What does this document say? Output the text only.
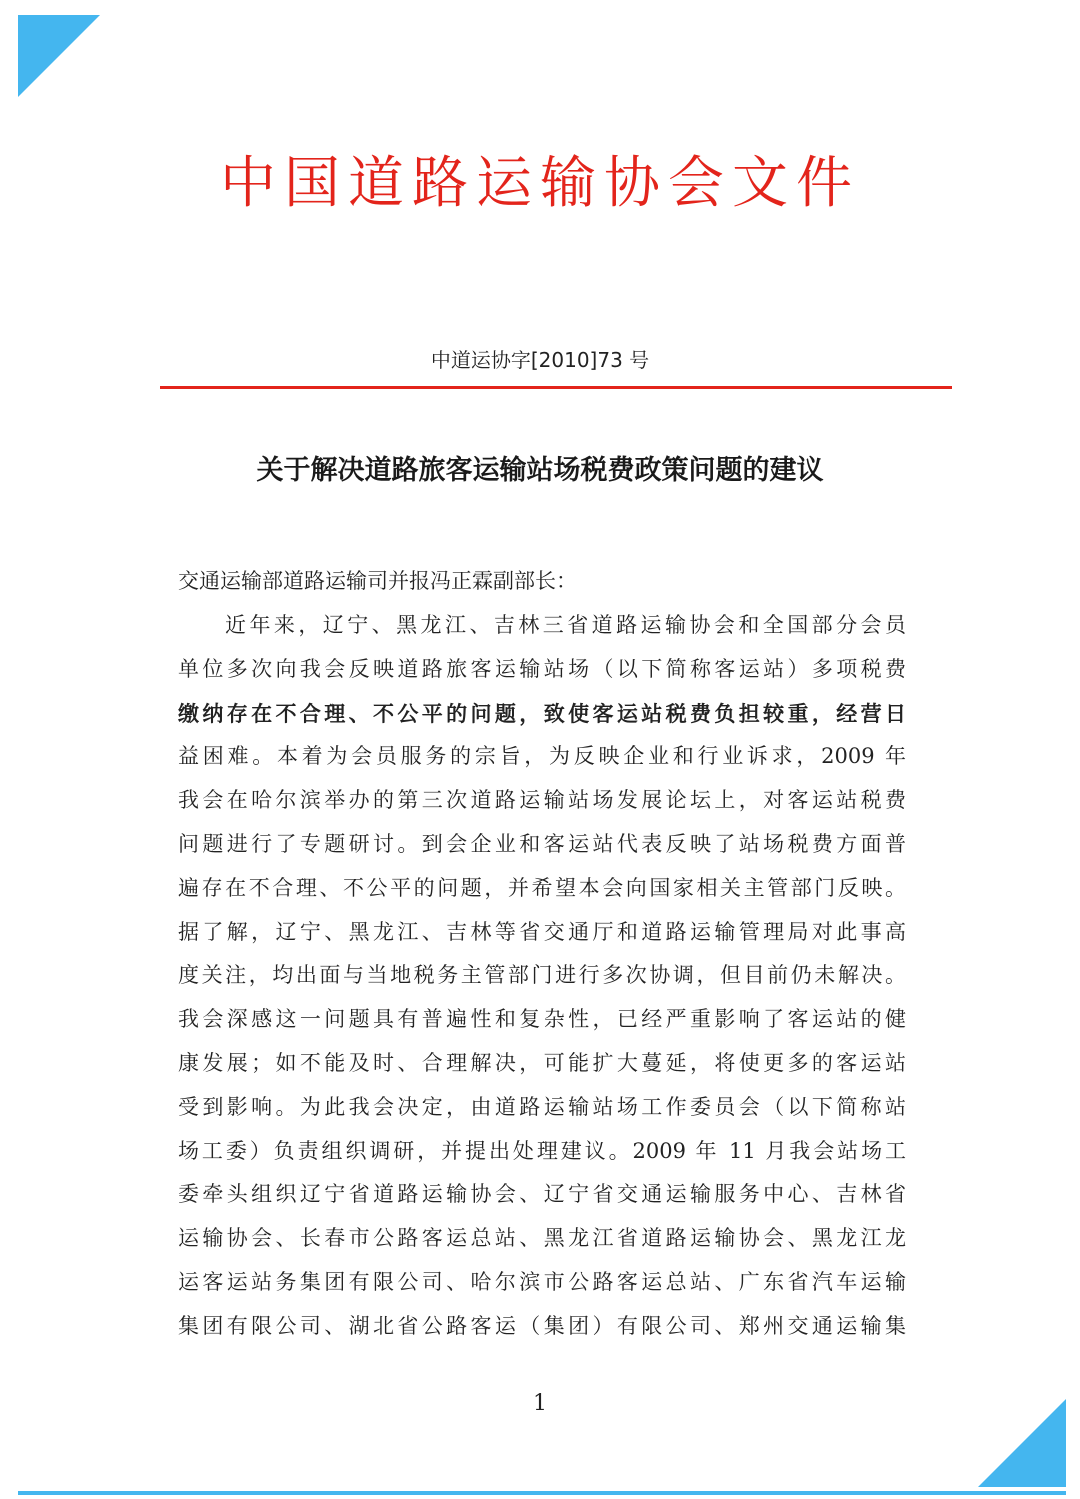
中国道路运输协会文件
中道运协字[2010]73 号
关于解决道路旅客运输站场税费政策问题的建议
交通运输部道路运输司并报冯正霖副部长：
近年来，辽宁、黑龙江、吉林三省道路运输协会和全国部分会员
单位多次向我会反映道路旅客运输站场（以下简称客运站）多项税费
缴纳存在不合理、不公平的问题，致使客运站税费负担较重，经营日
益困难。本着为会员服务的宗旨，为反映企业和行业诉求，2009 年
我会在哈尔滨举办的第三次道路运输站场发展论坛上，对客运站税费
问题进行了专题研讨。到会企业和客运站代表反映了站场税费方面普
遍存在不合理、不公平的问题，并希望本会向国家相关主管部门反映。
据了解，辽宁、黑龙江、吉林等省交通厅和道路运输管理局对此事高
度关注，均出面与当地税务主管部门进行多次协调，但目前仍未解决。
我会深感这一问题具有普遍性和复杂性，已经严重影响了客运站的健
康发展；如不能及时、合理解决，可能扩大蔓延，将使更多的客运站
受到影响。为此我会决定，由道路运输站场工作委员会（以下简称站
场工委）负责组织调研，并提出处理建议。2009 年 11 月我会站场工
委牵头组织辽宁省道路运输协会、辽宁省交通运输服务中心、吉林省
运输协会、长春市公路客运总站、黑龙江省道路运输协会、黑龙江龙
运客运站务集团有限公司、哈尔滨市公路客运总站、广东省汽车运输
集团有限公司、湖北省公路客运（集团）有限公司、郑州交通运输集
1
